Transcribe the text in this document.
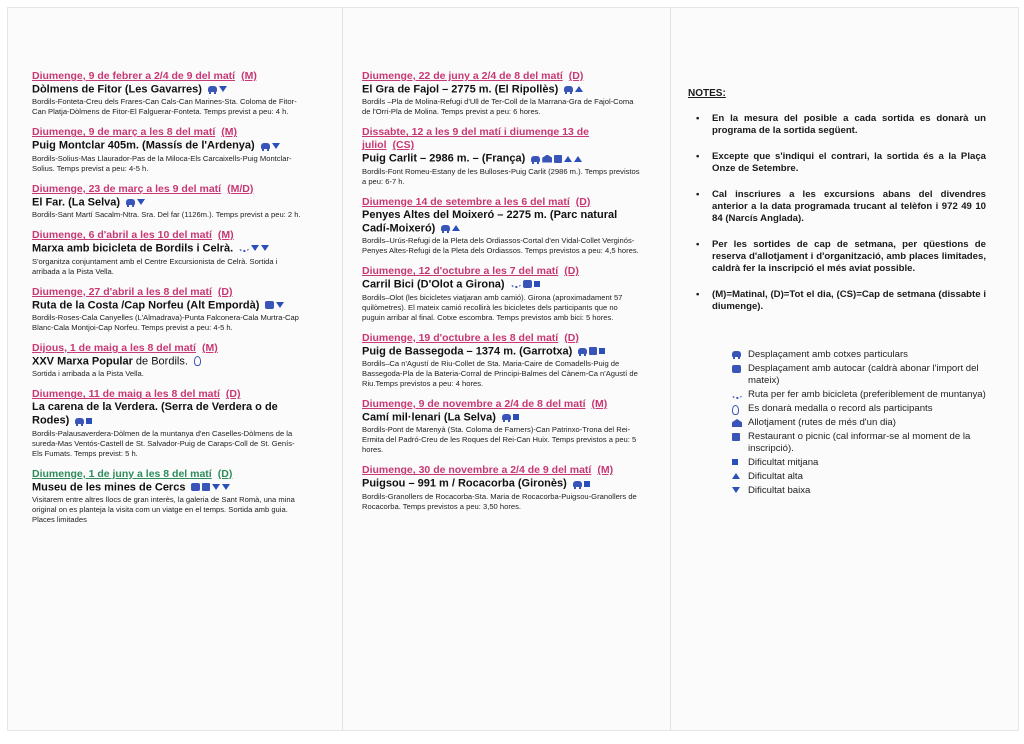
Diumenge, 9 de febrer a 2/4 de 9 del matí (M)
Dòlmens de Fitor (Les Gavarres)
Bordils-Fonteta-Creu dels Frares-Can Cals-Can Marines-Sta. Coloma de Fitor-Can Platja-Dòlmens de Fitor-El Falguerar-Fonteta. Temps previst a peu: 4 h.
Diumenge, 9 de març a les 8 del matí (M)
Puig Montclar 405m. (Massís de l'Ardenya)
Bordils-Solius-Mas Llaurador-Pas de la Miloca-Els Carcaixells-Puig Montclar-Solius. Temps previst a peu: 4-5 h.
Diumenge, 23 de març a les 9 del matí (M/D)
El Far. (La Selva)
Bordils-Sant Martí Sacalm-Ntra. Sra. Del far (1126m.). Temps previst a peu: 2 h.
Diumenge, 6 d'abril a les 10 del matí (M)
Marxa amb bicicleta de Bordils i Celrà.
S'organitza conjuntament amb el Centre Excursionista de Celrà. Sortida i arribada a la Pista Vella.
Diumenge, 27 d'abril a les 8 del matí (D)
Ruta de la Costa /Cap Norfeu (Alt Empordà)
Bordils-Roses-Cala Canyelles (L'Almadrava)-Punta Falconera-Cala Murtra-Cap Blanc-Cala Montjoi-Cap Norfeu. Temps previst a peu: 4-5 h.
Dijous, 1 de maig a les 8 del matí (M)
XXV Marxa Popular de Bordils.
Sortida i arribada a la Pista Vella.
Diumenge, 11 de maig a les 8 del matí (D)
La carena de la Verdera. (Serra de Verdera o de Rodes)
Bordils-Palausaverdera-Dòlmen de la muntanya d'en Caselles-Dòlmens de la sureda-Mas Ventós-Castell de St. Salvador-Puig de Caraps-Coll de St. Genís-Els Fumats. Temps previst: 5 h.
Diumenge, 1 de juny a les 8 del matí (D)
Museu de les mines de Cercs
Visitarem entre altres llocs de gran interès, la galeria de Sant Romà, una mina original on es planteja la visita com un viatge en el temps. Sortida amb guia. Places limitades
Diumenge, 22 de juny a 2/4 de 8 del matí (D)
El Gra de Fajol – 2775 m. (El Ripollès)
Bordils –Pla de Molina-Refugi d'Ull de Ter-Coll de la Marrana-Gra de Fajol-Coma de l'Orri-Pla de Molina. Temps previst a peu: 6 hores.
Dissabte, 12 a les 9 del matí i diumenge 13 de juliol (CS)
Puig Carlit – 2986 m. – (França)
Bordils-Font Romeu-Estany de les Bulloses-Puig Carlit (2986 m.). Temps previstos a peu: 6-7 h.
Diumenge 14 de setembre a les 6 del matí (D)
Penyes Altes del Moixeró – 2275 m. (Parc natural Cadí-Moixeró)
Bordils–Urús-Refugi de la Pleta dels Ordiassos-Cortal d'en Vidal-Collet Verginós-Penyes Altes-Refugi de la Pleta dels Ordiassos. Temps previstos a peu: 4,5 hores.
Diumenge, 12 d'octubre a les 7 del matí (D)
Carril Bici (D'Olot a Girona)
Bordils–Olot (les bicicletes viatjaran amb camió). Girona (aproximadament 57 quilòmetres). El mateix camió recollirà les bicicletes dels participants que no puguin arribar al final. Cotxe escombra. Temps previstos amb bici: 5 hores.
Diumenge, 19 d'octubre a les 8 del matí (D)
Puig de Bassegoda – 1374 m. (Garrotxa)
Bordils–Ca n'Agustí de Riu-Collet de Sta. Maria-Caire de Comadells-Puig de Bassegoda-Pla de la Bateria-Corral de Principi-Balmes del Cànem-Ca n'Agustí de Riu.Temps previstos a peu: 4 hores.
Diumenge, 9 de novembre a 2/4 de 8 del matí (M)
Camí mil·lenari (La Selva)
Bordils-Pont de Marenyà (Sta. Coloma de Farners)-Can Patrinxo-Trona del Rei-Ermita del Padró-Creu de les Roques del Rei-Can Huix. Temps previstos a peu: 5 hores.
Diumenge, 30 de novembre a 2/4 de 9 del matí (M)
Puigsou – 991 m / Rocacorba (Gironès)
Bordils-Granollers de Rocacorba-Sta. Maria de Rocacorba-Puigsou-Granollers de Rocacorba. Temps previstos a peu: 3,50 hores.
NOTES:
•	En la mesura del posible a cada sortida es donarà un programa de la sortida següent.
•	Excepte que s'indiqui el contrari, la sortida és a la Plaça Onze de Setembre.
•	Cal inscriures a les excursions abans del divendres anterior a la data programada trucant al telèfon i 972 49 10 84 (Narcís Anglada).
•	Per les sortides de cap de setmana, per qüestions de reserva d'allotjament i d'organització, amb places limitades, caldrà fer la inscripció el més aviat possible.
•	(M)=Matinal, (D)=Tot el dia, (CS)=Cap de setmana (dissabte i diumenge).
Desplaçament amb cotxes particulars
Desplaçament amb autocar (caldrà abonar l'import del mateix)
Ruta per fer amb bicicleta (preferiblement de muntanya)
Es donarà medalla o record als participants
Allotjament (rutes de més d'un dia)
Restaurant o picnic (cal informar-se al moment de la inscripció).
Dificultat mitjana
Dificultat alta
Dificultat baixa
